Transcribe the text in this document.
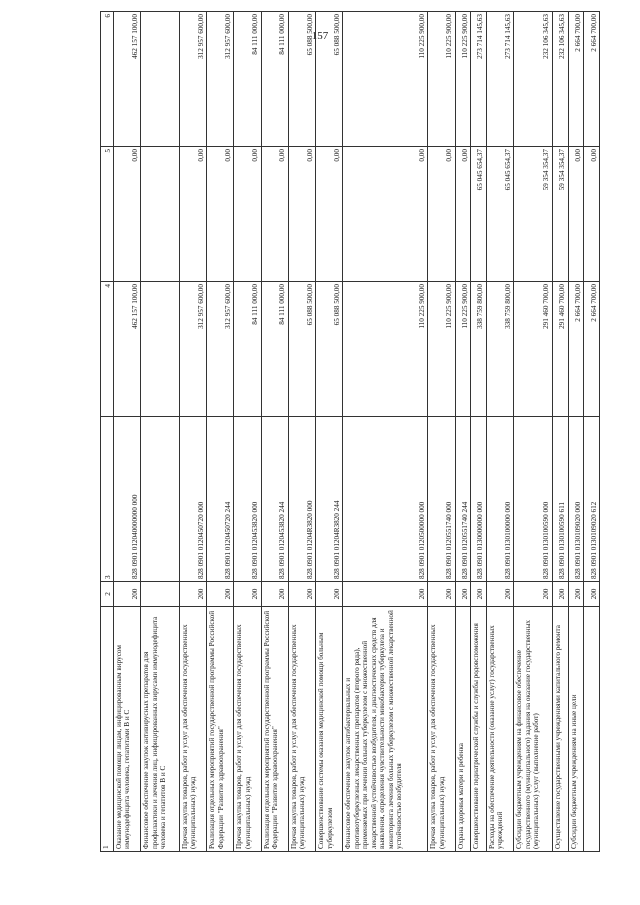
157
1	2	3	4	5	6
Оказание медицинской помощи лицам, инфицированным вирусом иммунодефицита человека, гепатитами В и С	200	828 0901 012040000000 000	462 157 100,00	0,00	462 157 100,00
Финансовое обеспечение закупок антивирусных препаратов для профилактики и лечения лиц, инфицированных вирусами иммунодефицита человека и гепатитов В и С					
Прочая закупка товаров, работ и услуг для обеспечения государственных (муниципальных) нужд	200	828 0901 0120450720 000	312 957 600,00	0,00	312 957 600,00
Реализация отдельных мероприятий государственной программы Российской Федерации "Развитие здравоохранения"	200	828 0901 0120450720 244	312 957 600,00	0,00	312 957 600,00
Прочая закупка товаров, работ и услуг для обеспечения государственных (муниципальных) нужд	200	828 0901 0120453820 000	84 111 000,00	0,00	84 111 000,00
Реализация отдельных мероприятий государственной программы Российской Федерации "Развитие здравоохранения"	200	828 0901 0120453820 244	84 111 000,00	0,00	84 111 000,00
Прочая закупка товаров, работ и услуг для обеспечения государственных (муниципальных) нужд	200	828 0901 01204R3820 000	65 088 500,00	0,00	65 088 500,00
Совершенствование системы оказания медицинской помощи больным туберкулезом	200	828 0901 01204R3820 244	65 088 500,00	0,00	65 088 500,00
Финансовое обеспечение закупок антибактериальных и противотуберкулезных лекарственных препаратов (второго ряда), применяемых при лечении больных туберкулезом с множественной лекарственной устойчивостью возбудителя, и диагностических средств для выявления, определения чувствительности микобактерии туберкулеза и мониторинга лечения больных туберкулезом с множественной лекарственной устойчивостью возбудителя	200	828 0901 0120500000 000	110 225 900,00	0,00	110 225 900,00
Прочая закупка товаров, работ и услуг для обеспечения государственных (муниципальных) нужд	200	828 0901 0120551740 000	110 225 900,00	0,00	110 225 900,00
Охрана здоровья матери и ребенка	200	828 0901 0120551740 244	110 225 900,00	0,00	110 225 900,00
Совершенствование педиатрической службы и службы родовспоможения	200	828 0901 0130000000 000	338 759 800,00	65 045 654,37	273 714 145,63
Расходы на обеспечение деятельности (оказание услуг) государственных учреждений	200	828 0901 0130100000 000	338 759 800,00	65 045 654,37	273 714 145,63
Субсидии бюджетным учреждениям на финансовое обеспечение государственного (муниципального) задания на оказание государственных (муниципальных) услуг (выполнение работ)	200	828 0901 0130100590 000	291 460 700,00	59 354 354,37	232 106 345,63
Осуществление государственными учреждениями капитального ремонта	200	828 0901 0130100590 611	291 460 700,00	59 354 354,37	232 106 345,63
Субсидии бюджетным учреждениям на иные цели	200	828 0901 0130109020 000	2 664 700,00	0,00	2 664 700,00
	200	828 0901 0130109020 612	2 664 700,00	0,00	2 664 700,00
